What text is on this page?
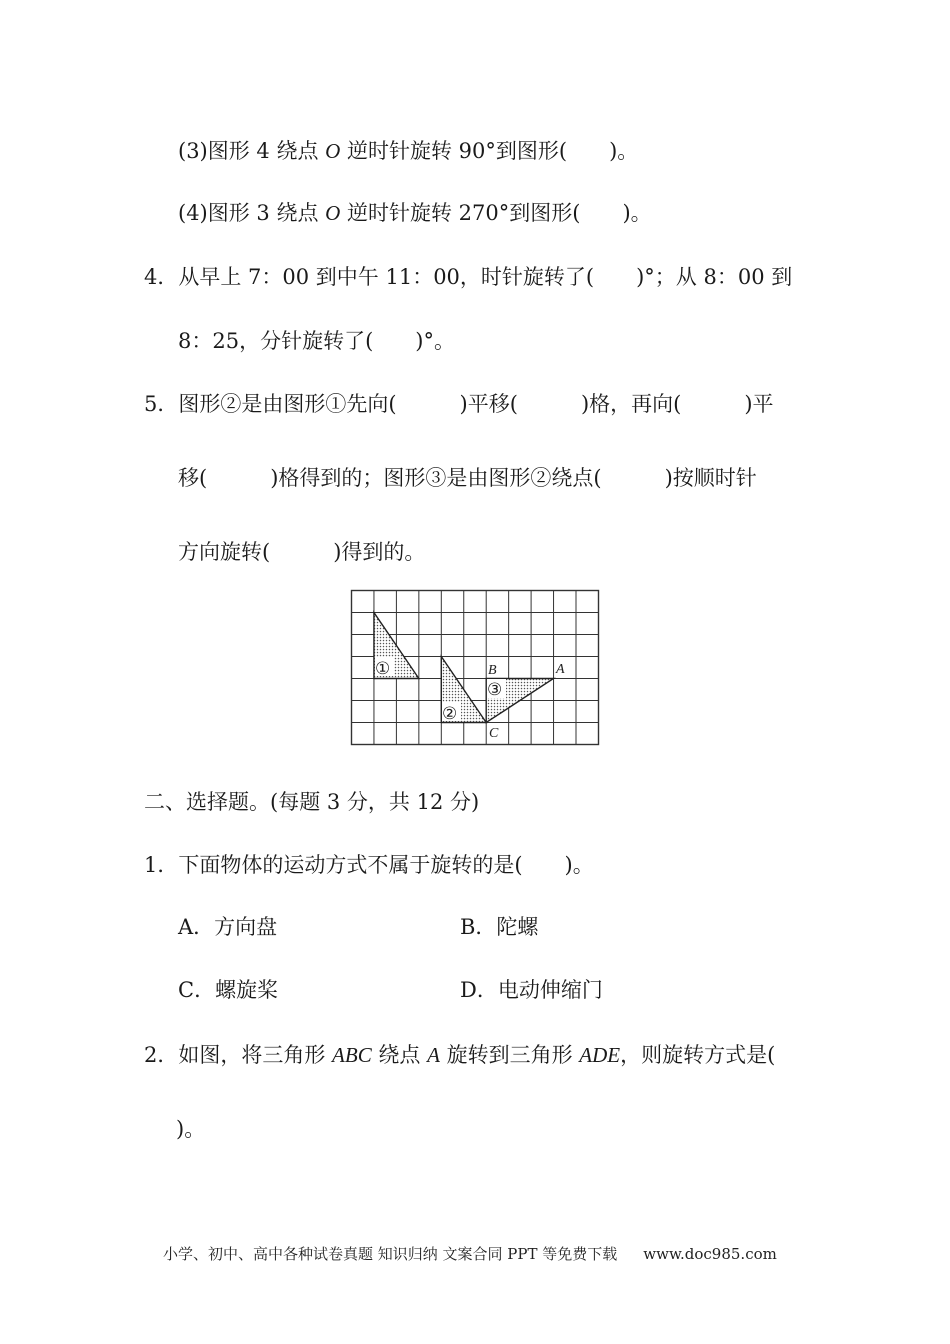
(3)图形 4 绕点 O 逆时针旋转 90°到图形(　　)。
(4)图形 3 绕点 O 逆时针旋转 270°到图形(　　)。
4．从早上 7：00 到中午 11：00，时针旋转了(　　)°；从 8：00 到
8：25，分针旋转了(　　)°。
5．图形②是由图形①先向(　　　)平移(　　　)格，再向(　　　)平
移(　　　)格得到的；图形③是由图形②绕点(　　　)按顺时针
方向旋转(　　　)得到的。
①
②
③
B	A
C
二、选择题。(每题 3 分，共 12 分)
1．下面物体的运动方式不属于旋转的是(　　)。
A．方向盘	B．陀螺
C．螺旋桨	D．电动伸缩门
2．如图，将三角形 ABC 绕点 A 旋转到三角形 ADE，则旋转方式是(
)。
小学、初中、高中各种试卷真题 知识归纳 文案合同 PPT 等免费下载 www.doc985.com
